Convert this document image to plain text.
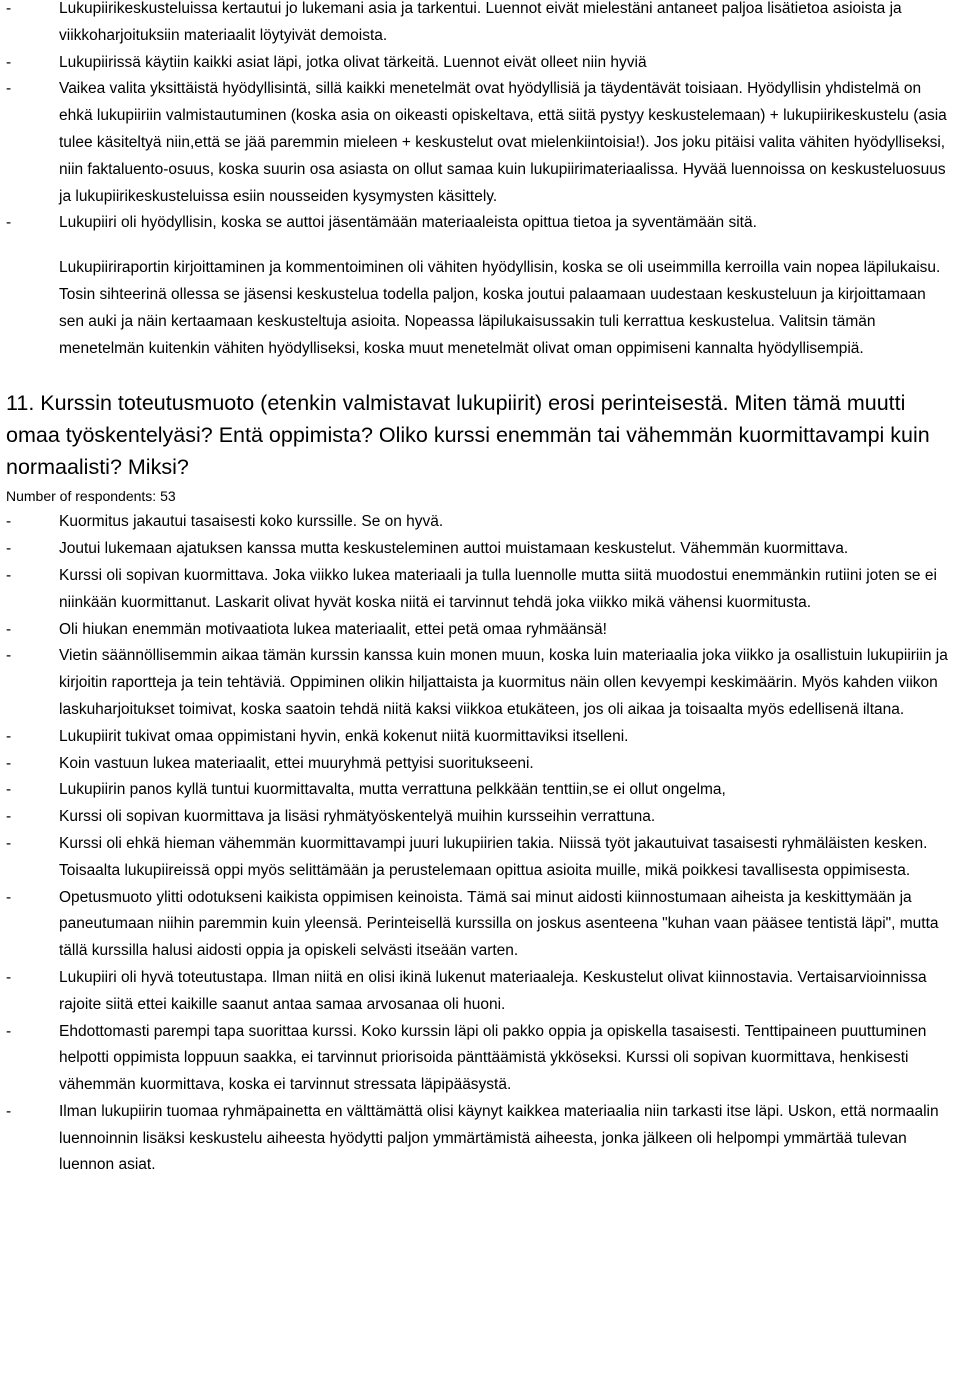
-	Lukupiirikeskusteluissa kertautui jo lukemani asia ja tarkentui. Luennot eivät mielestäni antaneet paljoa lisätietoa asioista ja viikkoharjoituksiin materiaalit löytyivät demoista.
-	Lukupiirissä käytiin kaikki asiat läpi, jotka olivat tärkeitä. Luennot eivät olleet niin hyviä
-	Vaikea valita yksittäistä hyödyllisintä, sillä kaikki menetelmät ovat hyödyllisiä ja täydentävät toisiaan. Hyödyllisin yhdistelmä on ehkä lukupiiriin valmistautuminen (koska asia on oikeasti opiskeltava, että siitä pystyy keskustelemaan) + lukupiirikeskustelu (asia tulee käsiteltyä niin,että se jää paremmin mieleen + keskustelut ovat mielenkiintoisia!). Jos joku pitäisi valita vähiten hyödylliseksi, niin faktaluento-osuus, koska suurin osa asiasta on ollut samaa kuin lukupiirimateriaalissa. Hyvää luennoissa on keskusteluosuus ja lukupiirikeskusteluissa esiin nousseiden kysymysten käsittely.
-	Lukupiiri oli hyödyllisin, koska se auttoi jäsentämään materiaaleista opittua tietoa ja syventämään sitä.

Lukupiiriraportin kirjoittaminen ja kommentoiminen oli vähiten hyödyllisin, koska se oli useimmilla kerroilla vain nopea läpilukaisu. Tosin sihteerinä ollessa se jäsensi keskustelua todella paljon, koska joutui palaamaan uudestaan keskusteluun ja kirjoittamaan sen auki ja näin kertaamaan keskusteltuja asioita. Nopeassa läpilukaisussakin tuli kerrattua keskustelua. Valitsin tämän menetelmän kuitenkin vähiten hyödylliseksi, koska muut menetelmät olivat oman oppimiseni kannalta hyödyllisempiä.

11. Kurssin toteutusmuoto (etenkin valmistavat lukupiirit) erosi perinteisestä. Miten tämä muutti omaa työskentelyäsi? Entä oppimista? Oliko kurssi enemmän tai vähemmän kuormittavampi kuin normaalisti? Miksi?

Number of respondents: 53

-	Kuormitus jakautui tasaisesti koko kurssille. Se on hyvä.
-	Joutui lukemaan ajatuksen kanssa mutta keskusteleminen auttoi muistamaan keskustelut. Vähemmän kuormittava.
-	Kurssi oli sopivan kuormittava. Joka viikko lukea materiaali ja tulla luennolle mutta siitä muodostui enemmänkin rutiini joten se ei niinkään kuormittanut. Laskarit olivat hyvät koska niitä ei tarvinnut tehdä joka viikko mikä vähensi kuormitusta.
-	Oli hiukan enemmän motivaatiota lukea materiaalit, ettei petä omaa ryhmäänsä!
-	Vietin säännöllisemmin aikaa tämän kurssin kanssa kuin monen muun, koska luin materiaalia joka viikko ja osallistuin lukupiiriin ja kirjoitin raportteja ja tein tehtäviä. Oppiminen olikin hiljattaista ja kuormitus näin ollen kevyempi keskimäärin. Myös kahden viikon laskuharjoitukset toimivat, koska saatoin tehdä niitä kaksi viikkoa etukäteen, jos oli aikaa ja toisaalta myös edellisenä iltana.
-	Lukupiirit tukivat omaa oppimistani hyvin, enkä kokenut niitä kuormittaviksi itselleni.
-	Koin vastuun lukea materiaalit, ettei muuryhmä pettyisi suoritukseeni.
-	Lukupiirin panos kyllä tuntui kuormittavalta, mutta verrattuna pelkkään tenttiin,se ei ollut ongelma,
-	Kurssi oli sopivan kuormittava ja lisäsi ryhmätyöskentelyä muihin kursseihin verrattuna.
-	Kurssi oli ehkä hieman vähemmän kuormittavampi juuri lukupiirien takia. Niissä työt jakautuivat tasaisesti ryhmäläisten kesken. Toisaalta lukupiireissä oppi myös selittämään ja perustelemaan opittua asioita muille, mikä poikkesi tavallisesta oppimisesta.
-	Opetusmuoto ylitti odotukseni kaikista oppimisen keinoista. Tämä sai minut aidosti kiinnostumaan aiheista ja keskittymään ja paneutumaan niihin paremmin kuin yleensä. Perinteisellä kurssilla on joskus asenteena "kuhan vaan pääsee tentistä läpi", mutta tällä kurssilla halusi aidosti oppia ja opiskeli selvästi itseään varten.
-	Lukupiiri oli hyvä toteutustapa. Ilman niitä en olisi ikinä lukenut materiaaleja. Keskustelut olivat kiinnostavia. Vertaisarvioinnissa rajoite siitä ettei kaikille saanut antaa samaa arvosanaa oli huoni.
-	Ehdottomasti parempi tapa suorittaa kurssi. Koko kurssin läpi oli pakko oppia ja opiskella tasaisesti. Tenttipaineen puuttuminen helpotti oppimista loppuun saakka, ei tarvinnut priorisoida pänttäämistä ykköseksi. Kurssi oli sopivan kuormittava, henkisesti vähemmän kuormittava, koska ei tarvinnut stressata läpipääsystä.
-	Ilman lukupiirin tuomaa ryhmäpainetta en välttämättä olisi käynyt kaikkea materiaalia niin tarkasti itse läpi. Uskon, että normaalin luennoinnin lisäksi keskustelu aiheesta hyödytti paljon ymmärtämistä aiheesta, jonka jälkeen oli helpompi ymmärtää tulevan luennon asiat.
